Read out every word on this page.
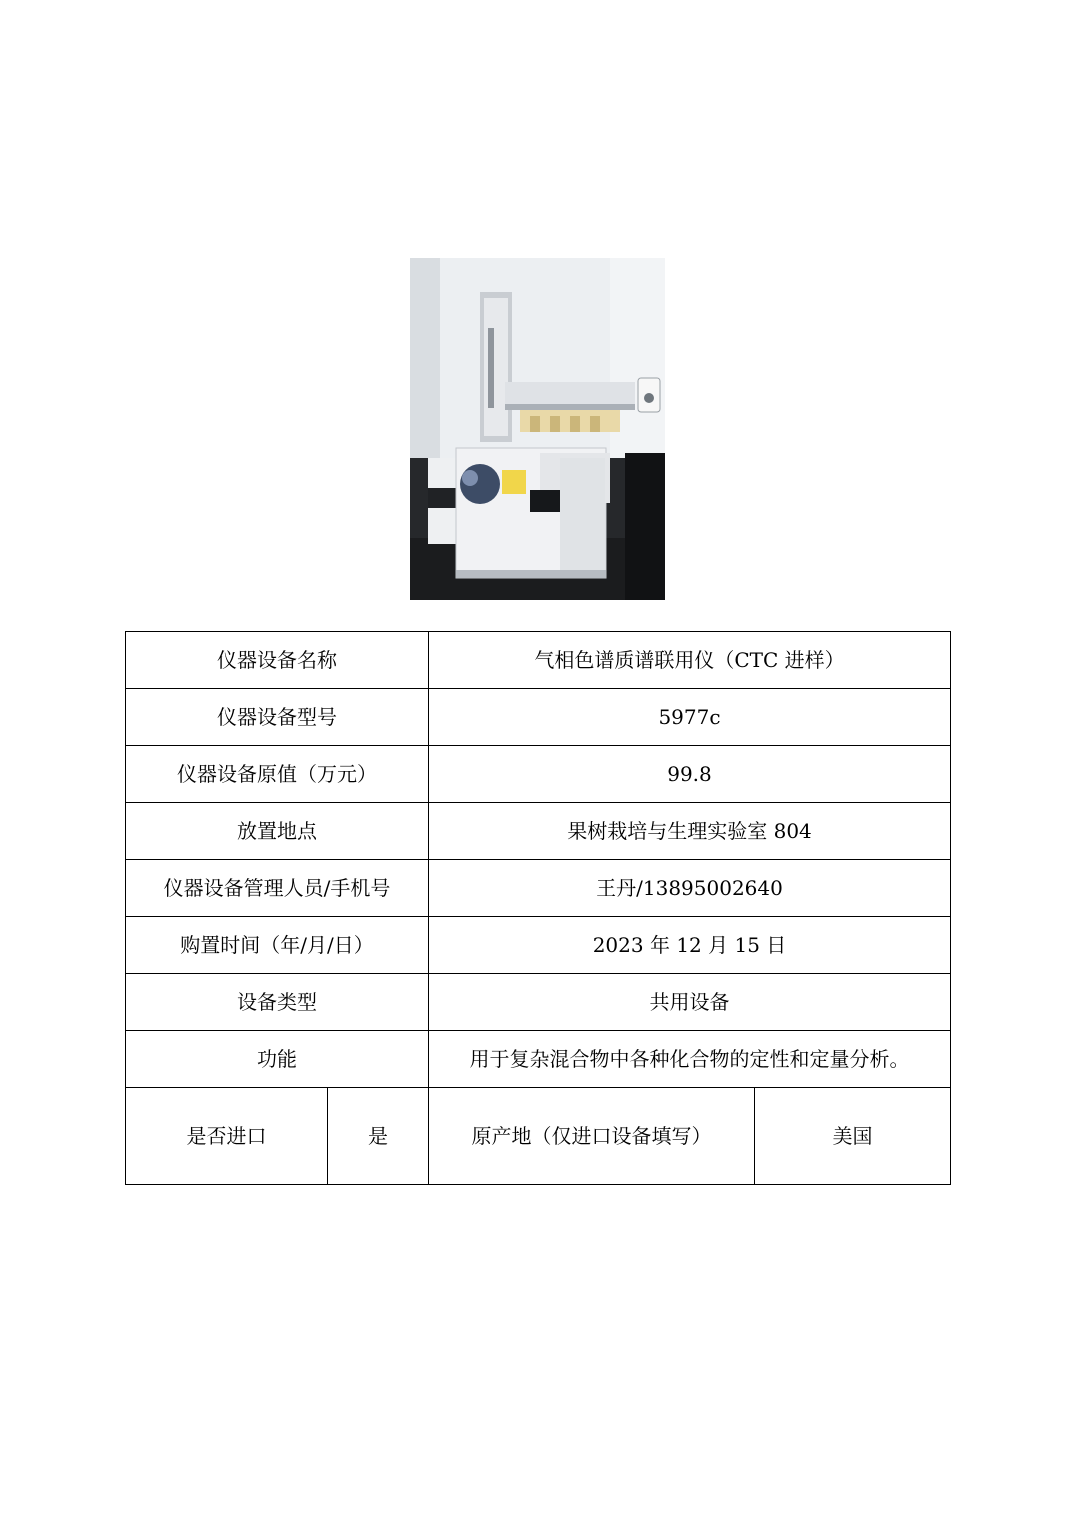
仪器设备名称		气相色谱质谱联用仪（CTC 进样）	
仪器设备型号		5977c	
仪器设备原值（万元）		99.8	
放置地点		果树栽培与生理实验室 804	
仪器设备管理人员/手机号		王丹/13895002640	
购置时间（年/月/日）		2023 年 12 月 15 日	
设备类型		共用设备	
功能		用于复杂混合物中各种化合物的定性和定量分析。	
是否进口	是	原产地（仅进口设备填写）	美国
